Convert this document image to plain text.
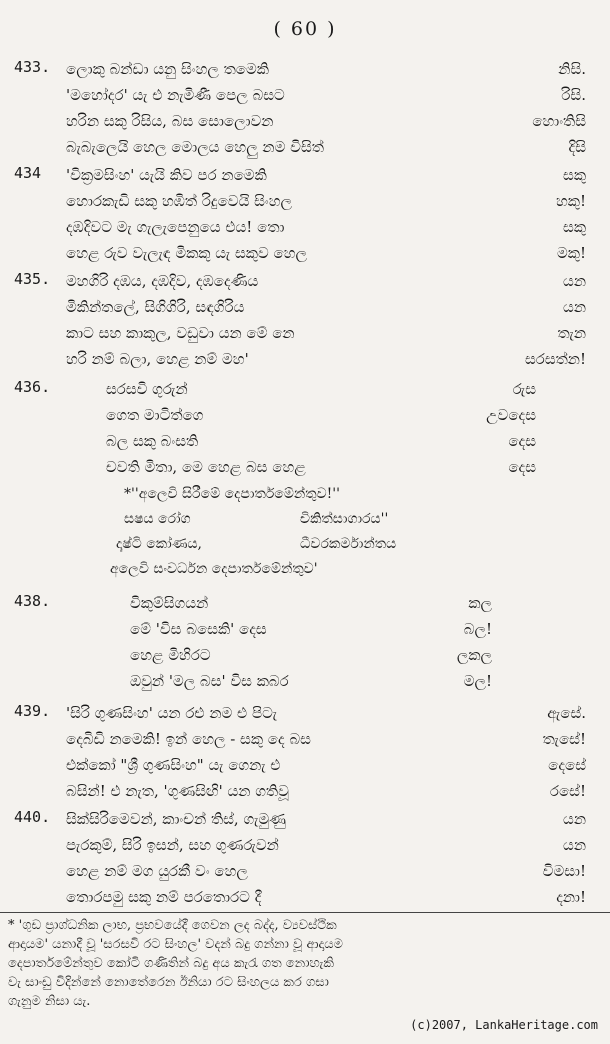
( 60 )
433. ලොකු බන්ඩා යනු සිංහල තමෙකි	නිසි.
'මහෝදර' යැ එ නැමිණී පෙල බසට	රිසි.
හරින සකු රිසිය, බස සොලොවන	හොංතිසි
බැබැලෙයි හෙල මොලය හෙලු නම විසිත්	දිසි
434 'වික්‍රමසිංහ' යැයි කිව පර නමෙකි	සකු
හොරකැඩි සකු හඹිත් රිදුවෙයි සිංහල	හකු!
දඹදිවට මැ ගැලැපෙනුයෙ එය! තො	සකු
හෙළ රුව වැලැඳ මිකකු යැ සකුව හෙල	මකු!
435. මහගිරි දඹය, දඹදිව, දඹදෙණිය	යන
මිකින්තලේ, සිගිගිරි, සඳගිරිය	යන
කාට සහ කාකුල, වඩුවා යන මේ නෙ	තැන
හරි නම් බලා, හෙළ නම් මහ'	සරසත්න!
436.	සරසවි ගුරුන්	රුස
ගෙත මාටිත්ගෙ	උවදෙස
බල සකු බංසති	දෙස
චවති මිතා, මෙ හෙළ බස හෙළ	දෙස
*''අලෙවි සිරීමේ දෙපාර්තමේන්තුව!''
සෂය රෝග	චිකිත්සාගාරය''
දෘෂ්ටි කෝණය,	ධීවරකර්මාන්තය
අලෙවි සංවර්ධන දෙපාර්තමේන්තුව'
438.	විකුම්සිගයන්	කල
මේ 'විස බසෙකි' දෙස	බල!
හෙළ මිහිරට	ලකල
ඔවුන් 'මල බස' විස කබර	මල!
439. 'සිරි ගුණසිංහ' යන රළු නම එ පිටැ	ඇසේ.
දෙබිඩි නමෙකි! ඉන් හෙල - සකු දෙ බස	තැසේ!
එක්කෝ "ශ්‍රී ගුණසිංහ" යැ ගෙනැ එ	දෙසේ
බසින්! එ නැත, 'ගුණසිඟි' යන ගතිවූ	රසේ!
440. සික්සිරිමෙවන්, කාංචන් තිස්, ගැමුණු	යන
පැරකුම්, සිරි ඉසන්, සහ ගුණරුවන්	යන
හෙළ නම් මග යුරකී වං හෙල	විමසා!
තොරපමු සකු නම් පරතොරට දී	දනා!
* 'ගුඩ ප්‍රාග්ධනික ලාභ, ප්‍රභවයේදී ගෙවන ලද බද්ද, ව්‍යවස්ථික
ආදායම' යනාදී වූ 'සරසවි රට සිංහල' වදන් බදු ගන්නා වූ ආදායම
දෙපාර්තමේන්තුව කෝටි ගණිතින් බදු අය කැරැ ගත නොහැකි
වැ සාංඩු විදින්නේ නොතේරෙන ඊනියා රට සිංහලය කර ගසා
ගැනුම නිසා යැ.
(c)2007, LankaHeritage.com
